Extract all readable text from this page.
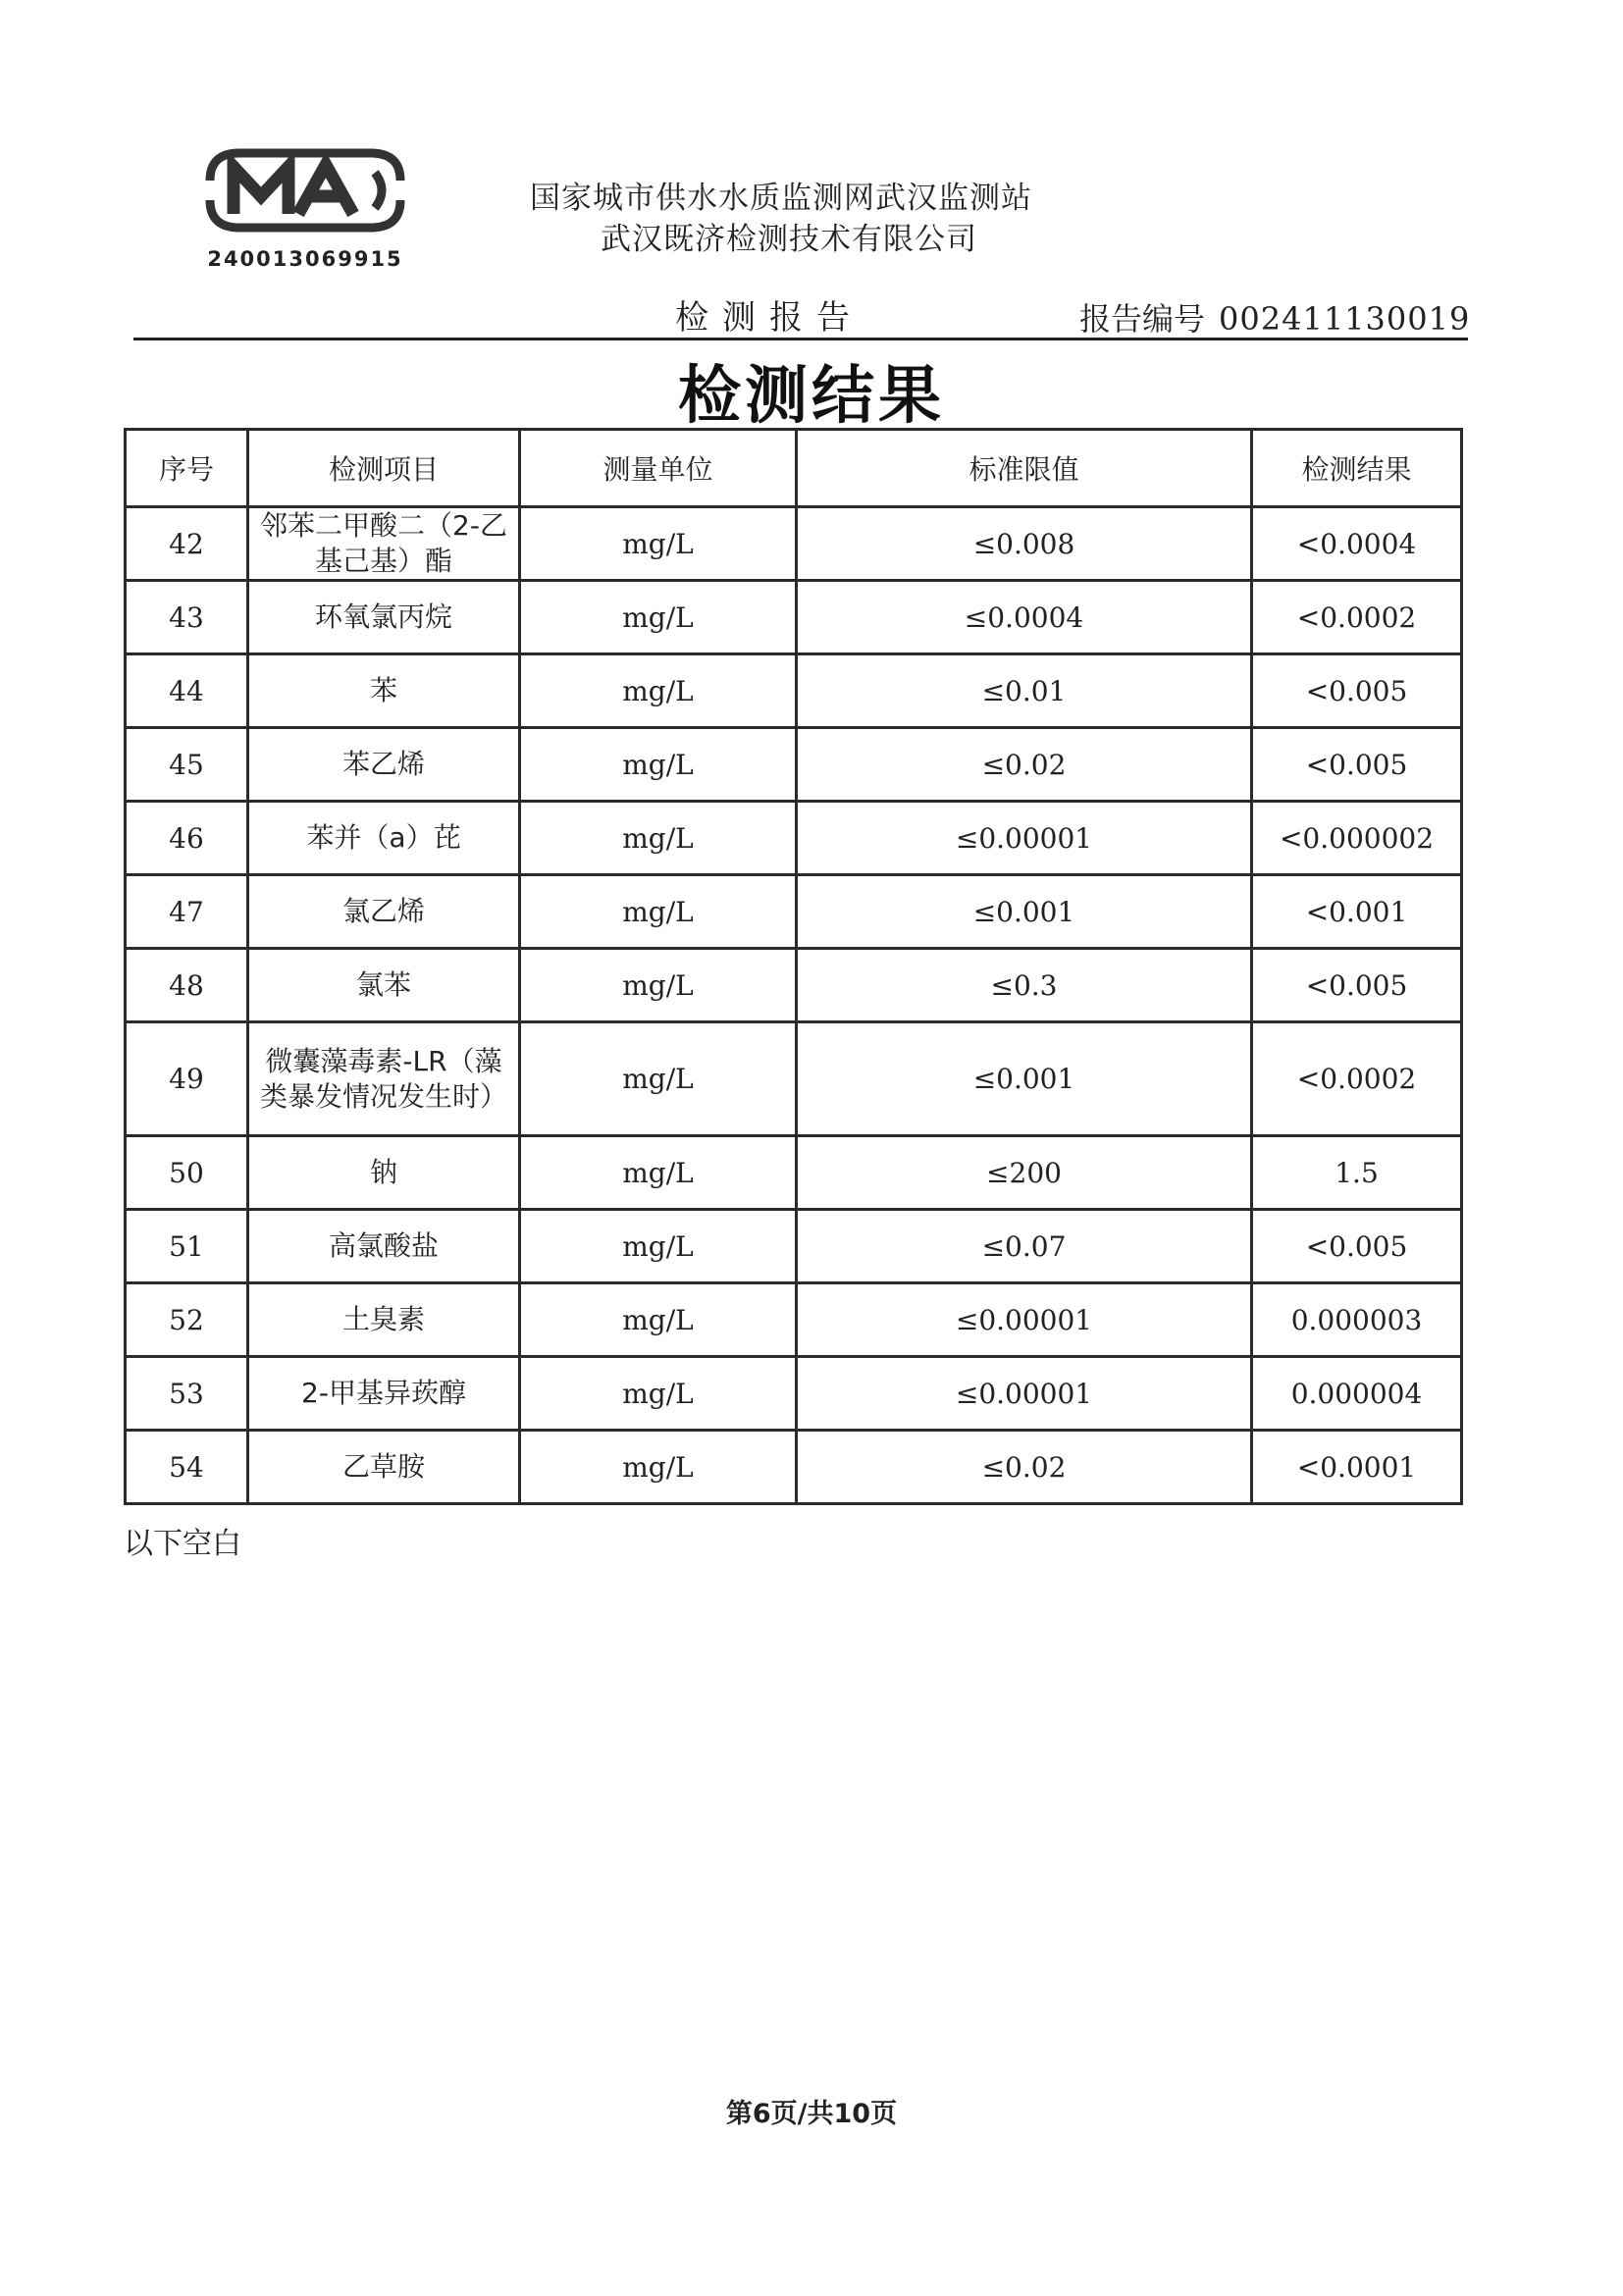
240013069915
国家城市供水水质监测网武汉监测站
武汉既济检测技术有限公司
检测报告	报告编号 002411130019
检测结果
序号	检测项目	测量单位	标准限值	检测结果
42	邻苯二甲酸二（2-乙基己基）酯	mg/L	≤0.008	<0.0004
43	环氧氯丙烷	mg/L	≤0.0004	<0.0002
44	苯	mg/L	≤0.01	<0.005
45	苯乙烯	mg/L	≤0.02	<0.005
46	苯并（a）芘	mg/L	≤0.00001	<0.000002
47	氯乙烯	mg/L	≤0.001	<0.001
48	氯苯	mg/L	≤0.3	<0.005
49	微囊藻毒素-LR（藻类暴发情况发生时）	mg/L	≤0.001	<0.0002
50	钠	mg/L	≤200	1.5
51	高氯酸盐	mg/L	≤0.07	<0.005
52	土臭素	mg/L	≤0.00001	0.000003
53	2-甲基异莰醇	mg/L	≤0.00001	0.000004
54	乙草胺	mg/L	≤0.02	<0.0001
以下空白
第6页/共10页
